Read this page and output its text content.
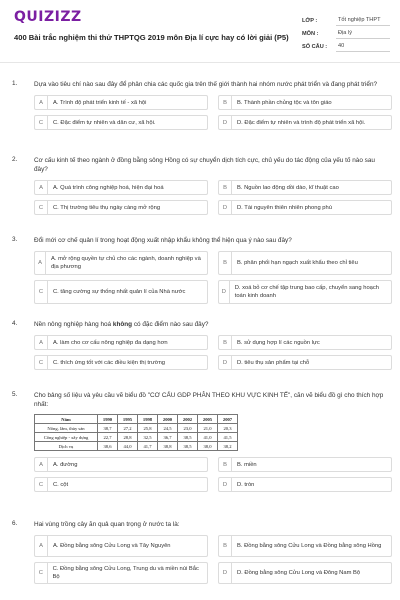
QUIZIZZ
400 Bài trắc nghiệm thi thử THPTQG 2019 môn Địa lí cực hay có lời giải (P5)
LỚP :	Tốt nghiệp THPT
MÔN :	Địa lý
SỐ CÂU :	40
1.	Dựa vào tiêu chí nào sau đây để phân chia các quốc gia trên thế giới thành hai nhóm nước phát triển và đang phát triển?
A	A. Trình độ phát triển kinh tế - xã hội	B	B. Thành phần chủng tộc và tôn giáo
C	C. Đặc điểm tự nhiên và dân cư, xã hội.	D	D. Đặc điểm tự nhiên và trình độ phát triển xã hội.
2.	Cơ cấu kinh tế theo ngành ở đồng bằng sông Hồng có sự chuyển dịch tích cực, chủ yếu do tác động của yếu tố nào sau đây?
A	A. Quá trình công nghiệp hoá, hiện đại hoá	B	B. Nguồn lao động dồi dào, kĩ thuật cao
C	C. Thị trường tiêu thụ ngày càng mở rộng	D	D. Tài nguyên thiên nhiên phong phú
3.	Đổi mới cơ chế quản lí trong hoạt động xuất nhập khẩu không thể hiện qua ý nào sau đây?
A
A. mở rộng quyền tự chủ cho các ngành, doanh nghiệp và địa phương
B	B. phân phối hạn ngạch xuất khẩu theo chỉ tiêu
C	C. tăng cường sự thống nhất quản lí của Nhà nước	D
D. xoá bỏ cơ chế tập trung bao cấp, chuyển sang hoạch toán kinh doanh
4.	Nền nông nghiệp hàng hoá không có đặc điểm nào sau đây?
A	A. làm cho cơ cấu nông nghiệp đa dạng hơn	B	B. sử dụng hợp lí các nguồn lực
C	C. thích ứng tốt với các điều kiện thị trường	D	D. tiêu thụ sản phẩm tại chỗ
5.	Cho bảng số liệu và yêu cầu vẽ biểu đồ "CƠ CẤU GDP PHÂN THEO KHU VỰC KINH TẾ", căn vẽ biểu đồ gì cho thích hợp nhất:
Năm	1990	1995	1998	2000	2002	2005	2007
Nông, lâm, thủy sản	38,7	27,2	25,8	24,5	23,0	21,0	20,3
Công nghiệp - xây dựng	22,7	28,8	32,5	36,7	38,5	41,0	41,5
Dịch vụ	38,6	44,0	41,7	38,8	38,5	38,0	38,2
A	A. đường	B	B. miền
C	C. cột	D	D. tròn
6.	Hai vùng trồng cây ăn quả quan trọng ở nước ta là:
A	A. Đồng bằng sông Cửu Long và Tây Nguyên	B	B. Đồng bằng sông Cửu Long và Đồng bằng sông Hồng
C
C. Đồng bằng sông Cửu Long, Trung du và miền núi Bắc Bộ
D	D. Đồng bằng sông Cửu Long và Đông Nam Bộ
